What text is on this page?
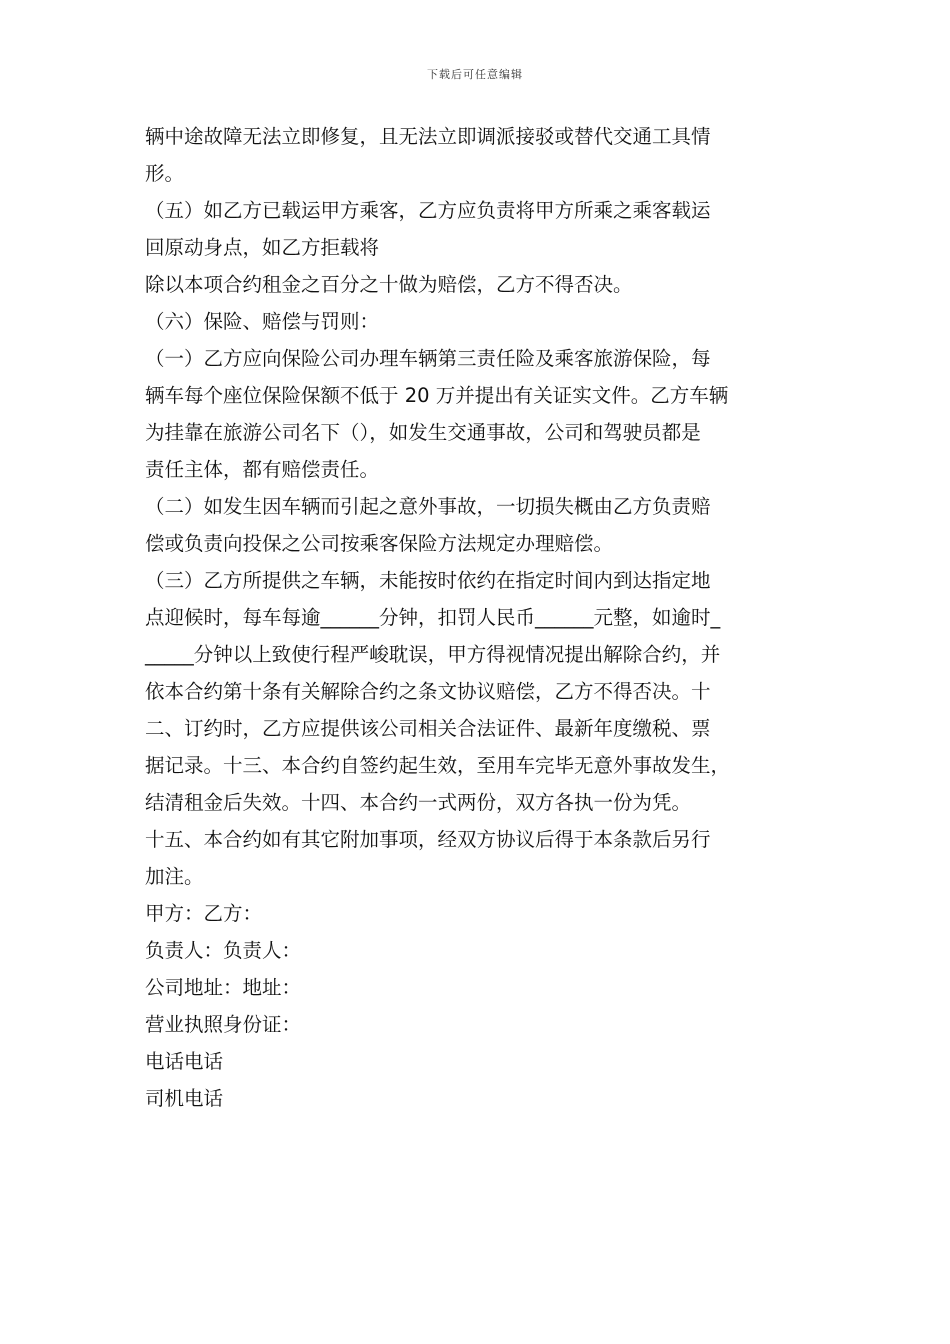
下载后可任意编辑

辆中途故障无法立即修复，且无法立即调派接驳或替代交通工具情

形。

（五）如乙方已载运甲方乘客，乙方应负责将甲方所乘之乘客载运

回原动身点，如乙方拒载将

除以本项合约租金之百分之十做为赔偿，乙方不得否决。

（六）保险、赔偿与罚则：

（一）乙方应向保险公司办理车辆第三责任险及乘客旅游保险，每

辆车每个座位保险保额不低于 20 万并提出有关证实文件。乙方车辆

为挂靠在旅游公司名下（），如发生交通事故，公司和驾驶员都是

责任主体，都有赔偿责任。

（二）如发生因车辆而引起之意外事故，一切损失概由乙方负责赔

偿或负责向投保之公司按乘客保险方法规定办理赔偿。

（三）乙方所提供之车辆，未能按时依约在指定时间内到达指定地

点迎候时，每车每逾______分钟，扣罚人民币______元整，如逾时_

_____分钟以上致使行程严峻耽误，甲方得视情况提出解除合约，并

依本合约第十条有关解除合约之条文协议赔偿，乙方不得否决。十

二、订约时，乙方应提供该公司相关合法证件、最新年度缴税、票

据记录。十三、本合约自签约起生效，至用车完毕无意外事故发生，

结清租金后失效。十四、本合约一式两份，双方各执一份为凭。

十五、本合约如有其它附加事项，经双方协议后得于本条款后另行

加注。

甲方：乙方：

负责人：负责人：

公司地址：地址：

营业执照身份证：

电话电话

司机电话
